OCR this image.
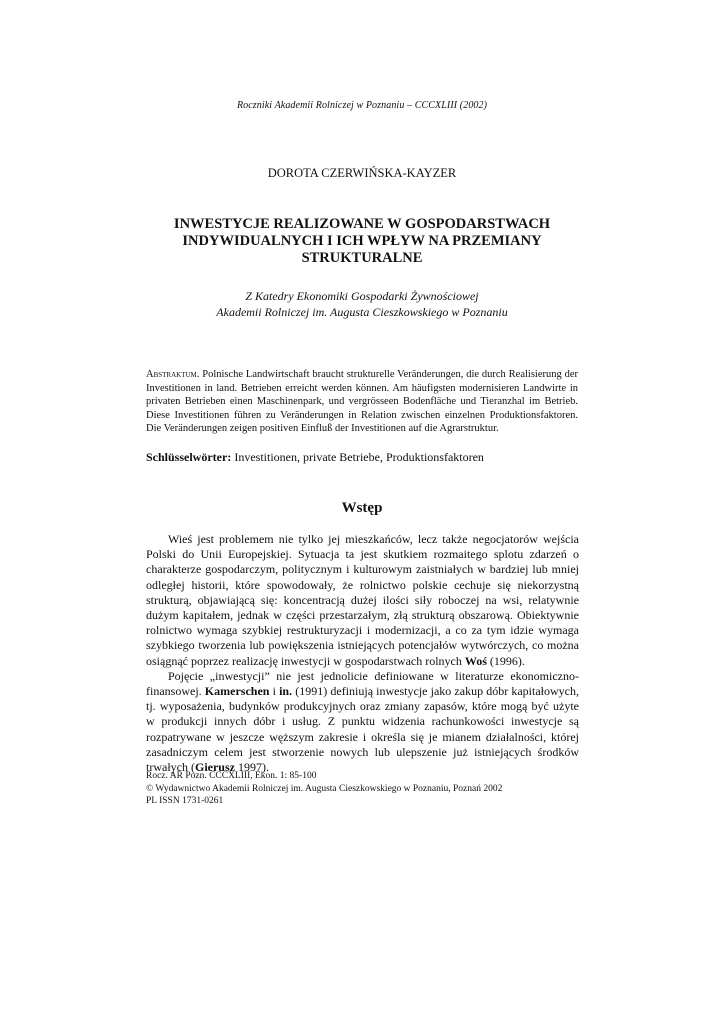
Roczniki Akademii Rolniczej w Poznaniu – CCCXLIII (2002)
DOROTA CZERWIŃSKA-KAYZER
INWESTYCJE REALIZOWANE W GOSPODARSTWACH INDYWIDUALNYCH I ICH WPŁYW NA PRZEMIANY STRUKTURALNE
Z Katedry Ekonomiki Gospodarki Żywnościowej
Akademii Rolniczej im. Augusta Cieszkowskiego w Poznaniu
Abstraktum. Polnische Landwirtschaft braucht strukturelle Veränderungen, die durch Realisierung der Investitionen in land. Betrieben erreicht werden können. Am häufigsten modernisieren Landwirte in privaten Betrieben einen Maschinenpark, und vergrösseen Bodenfläche und Tieranzhal im Betrieb. Diese Investitionen führen zu Veränderungen in Relation zwischen einzelnen Produktionsfaktoren. Die Veränderungen zeigen positiven Einfluß der Investitionen auf die Agrarstruktur.
Schlüsselwörter: Investitionen, private Betriebe, Produktionsfaktoren
Wstęp

Wieś jest problemem nie tylko jej mieszkańców, lecz także negocjatorów wejścia Polski do Unii Europejskiej. Sytuacja ta jest skutkiem rozmaitego splotu zdarzeń o charakterze gospodarczym, politycznym i kulturowym zaistniałych w bardziej lub mniej odległej historii, które spowodowały, że rolnictwo polskie cechuje się niekorzystną strukturą, objawiającą się: koncentracją dużej ilości siły roboczej na wsi, relatywnie dużym kapitałem, jednak w części przestarzałym, złą strukturą obszarową. Obiektywnie rolnictwo wymaga szybkiej restrukturyzacji i modernizacji, a co za tym idzie wymaga szybkiego tworzenia lub powiększenia istniejących potencjałów wytwórczych, co można osiągnąć poprzez realizację inwestycji w gospodarstwach rolnych Woś (1996).

Pojęcie „inwestycji” nie jest jednolicie definiowane w literaturze ekonomiczno-finansowej. Kamerschen i in. (1991) definiują inwestycje jako zakup dóbr kapitałowych, tj. wyposażenia, budynków produkcyjnych oraz zmiany zapasów, które mogą być użyte w produkcji innych dóbr i usług. Z punktu widzenia rachunkowości inwestycje są rozpatrywane w jeszcze węższym zakresie i określa się je mianem działalności, której zasadniczym celem jest stworzenie nowych lub ulepszenie już istniejących środków trwałych (Gierusz 1997).

Rocz. AR Pozn. CCCXLIII, Ekon. 1: 85-100
© Wydawnictwo Akademii Rolniczej im. Augusta Cieszkowskiego w Poznaniu, Poznań 2002
PL ISSN 1731-0261
